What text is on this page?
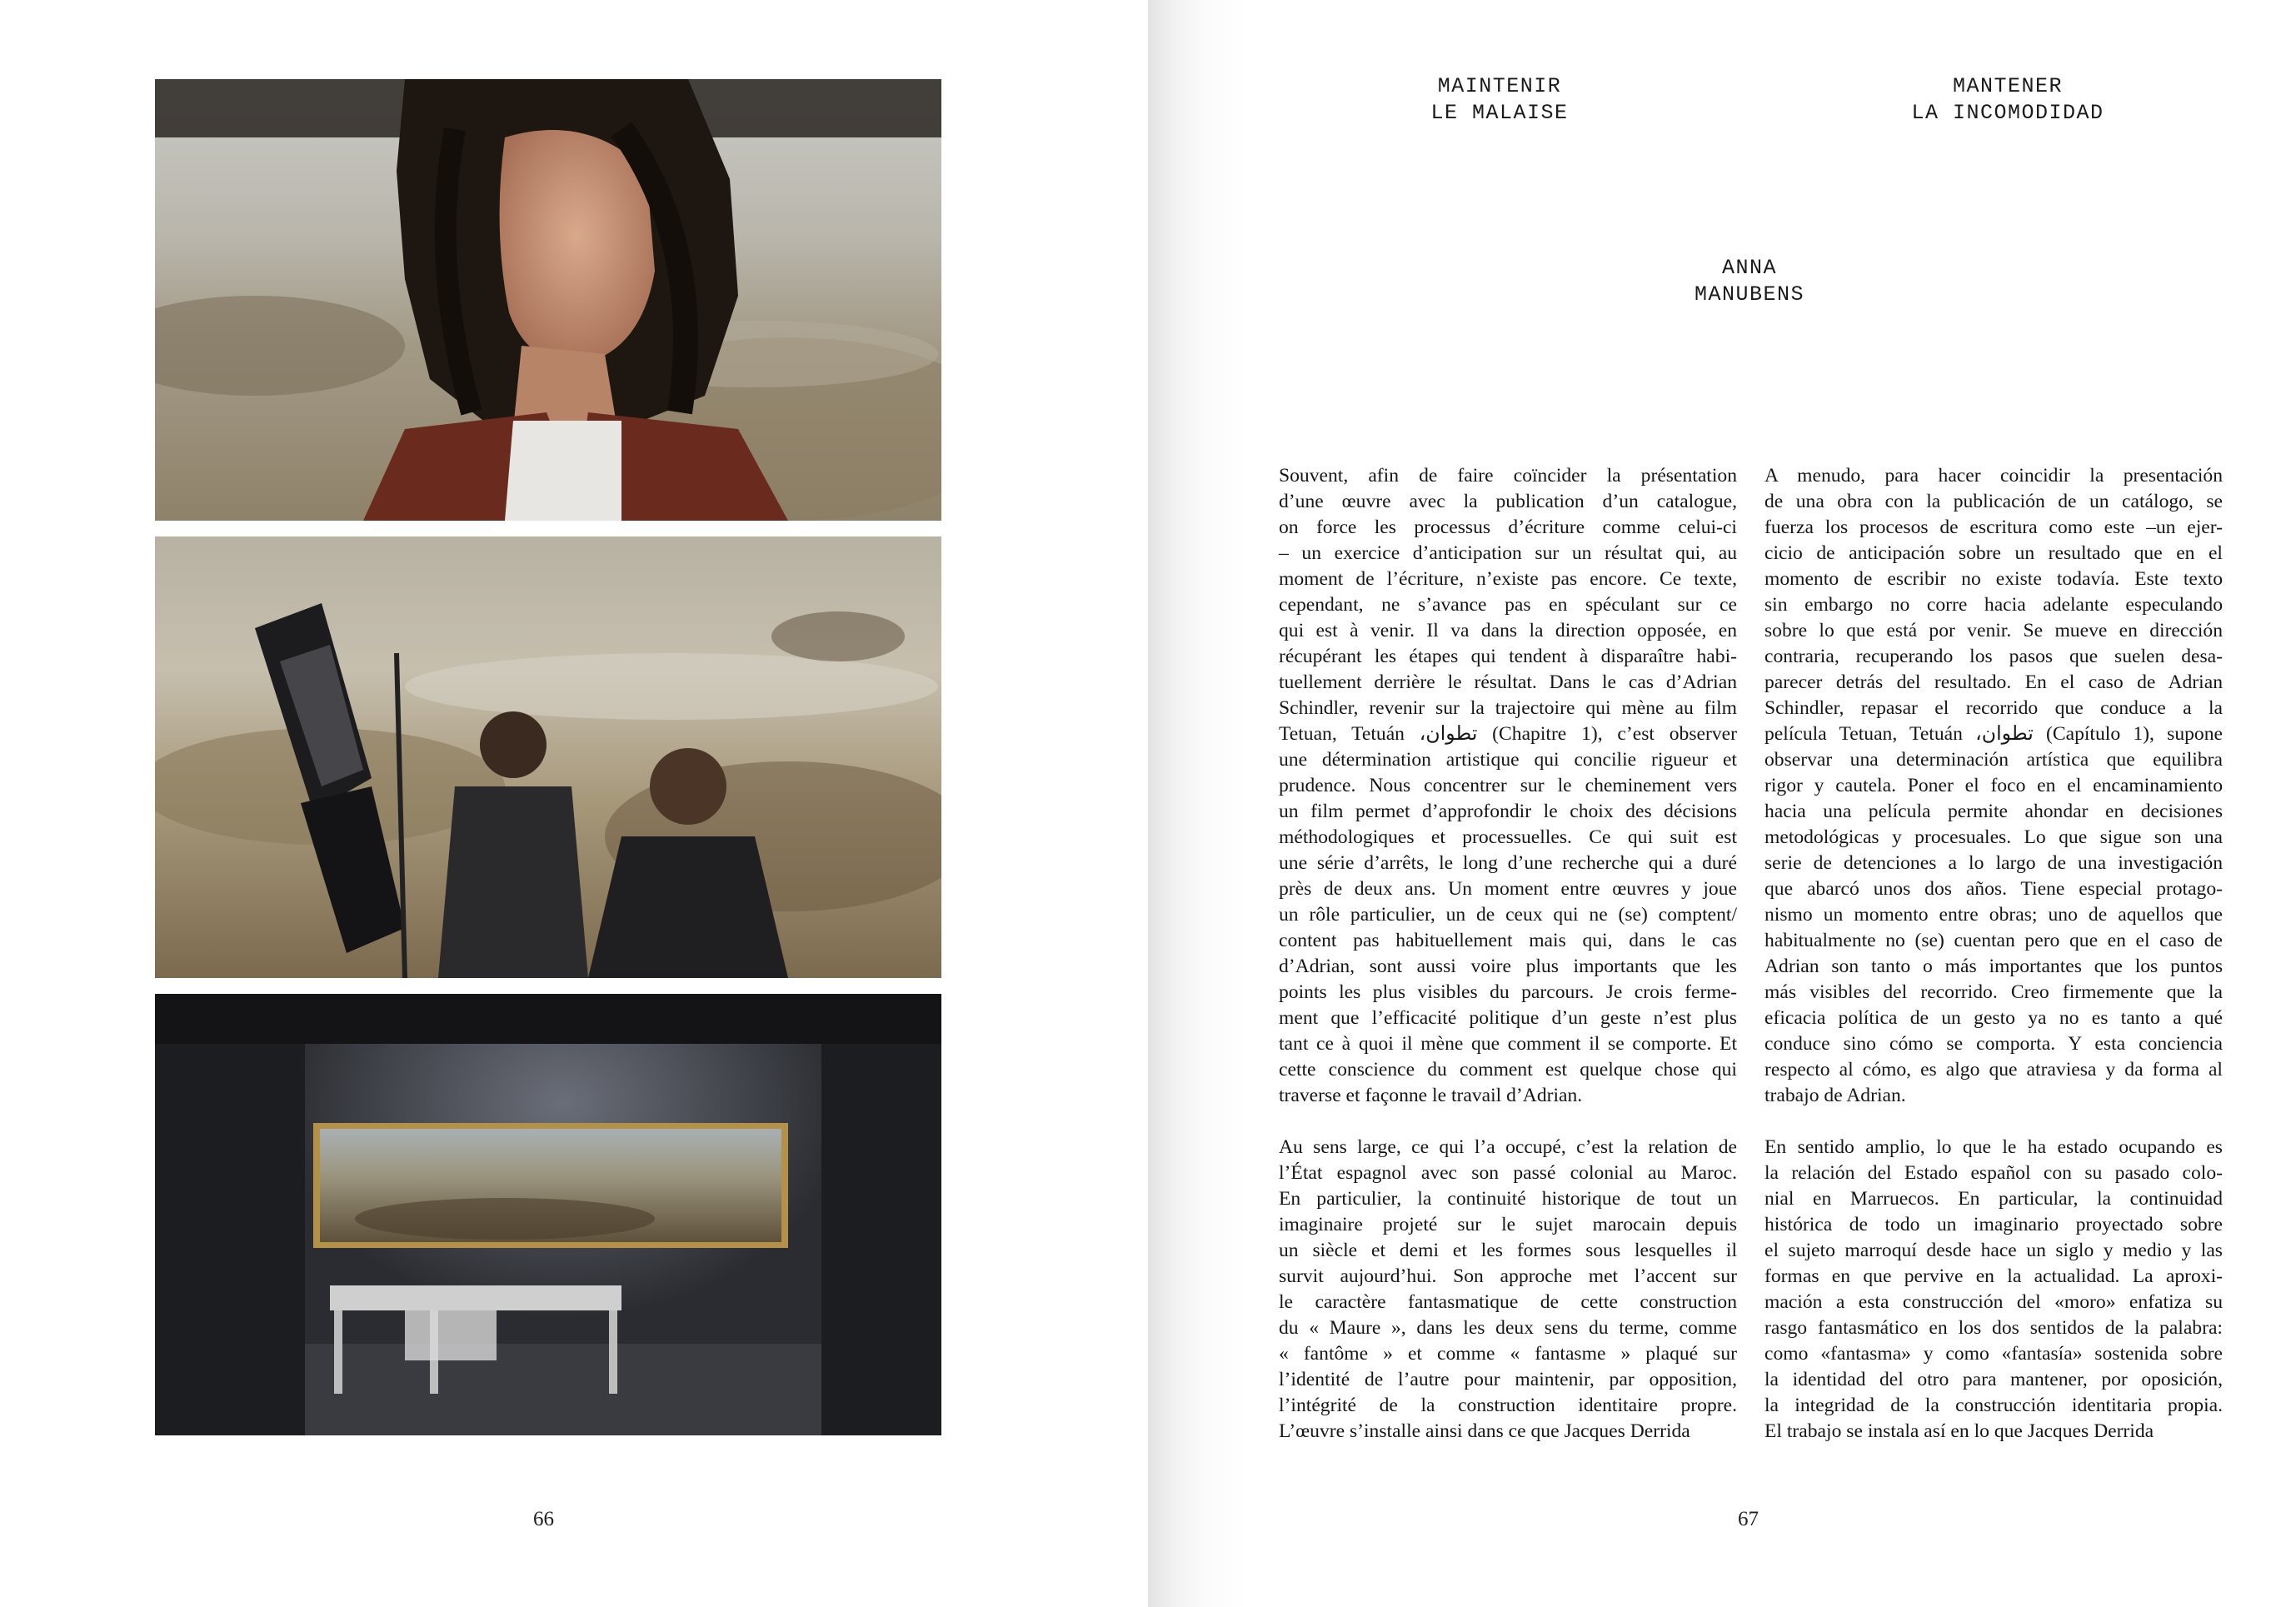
66
MAINTENIR
LE MALAISE
MANTENER
LA INCOMODIDAD
ANNA
MANUBENS

Souvent, afin de faire coïncider la présentation
d’une œuvre avec la publication d’un catalogue,
on force les processus d’écriture comme celui-ci
– un exercice d’anticipation sur un résultat qui, au
moment de l’écriture, n’existe pas encore. Ce texte,
cependant, ne s’avance pas en spéculant sur ce
qui est à venir. Il va dans la direction opposée, en
récupérant les étapes qui tendent à disparaître habi-
tuellement derrière le résultat. Dans le cas d’Adrian
Schindler, revenir sur la trajectoire qui mène au film
Tetuan, Tetuán ،تطوان (Chapitre 1), c’est observer
une détermination artistique qui concilie rigueur et
prudence. Nous concentrer sur le cheminement vers
un film permet d’approfondir le choix des décisions
méthodologiques et processuelles. Ce qui suit est
une série d’arrêts, le long d’une recherche qui a duré
près de deux ans. Un moment entre œuvres y joue
un rôle particulier, un de ceux qui ne (se) comptent/
content pas habituellement mais qui, dans le cas
d’Adrian, sont aussi voire plus importants que les
points les plus visibles du parcours. Je crois ferme-
ment que l’efficacité politique d’un geste n’est plus
tant ce à quoi il mène que comment il se comporte. Et
cette conscience du comment est quelque chose qui
traverse et façonne le travail d’Adrian.

Au sens large, ce qui l’a occupé, c’est la relation de
l’État espagnol avec son passé colonial au Maroc.
En particulier, la continuité historique de tout un
imaginaire projeté sur le sujet marocain depuis
un siècle et demi et les formes sous lesquelles il
survit aujourd’hui. Son approche met l’accent sur
le caractère fantasmatique de cette construction
du « Maure », dans les deux sens du terme, comme
« fantôme » et comme « fantasme » plaqué sur
l’identité de l’autre pour maintenir, par opposition,
l’intégrité de la construction identitaire propre.
L’œuvre s’installe ainsi dans ce que Jacques Derrida

A menudo, para hacer coincidir la presentación
de una obra con la publicación de un catálogo, se
fuerza los procesos de escritura como este –un ejer-
cicio de anticipación sobre un resultado que en el
momento de escribir no existe todavía. Este texto
sin embargo no corre hacia adelante especulando
sobre lo que está por venir. Se mueve en dirección
contraria, recuperando los pasos que suelen desa-
parecer detrás del resultado. En el caso de Adrian
Schindler, repasar el recorrido que conduce a la
película Tetuan, Tetuán ،تطوان (Capítulo 1), supone
observar una determinación artística que equilibra
rigor y cautela. Poner el foco en el encaminamiento
hacia una película permite ahondar en decisiones
metodológicas y procesuales. Lo que sigue son una
serie de detenciones a lo largo de una investigación
que abarcó unos dos años. Tiene especial protago-
nismo un momento entre obras; uno de aquellos que
habitualmente no (se) cuentan pero que en el caso de
Adrian son tanto o más importantes que los puntos
más visibles del recorrido. Creo firmemente que la
eficacia política de un gesto ya no es tanto a qué
conduce sino cómo se comporta. Y esta conciencia
respecto al cómo, es algo que atraviesa y da forma al
trabajo de Adrian.

En sentido amplio, lo que le ha estado ocupando es
la relación del Estado español con su pasado colo-
nial en Marruecos. En particular, la continuidad
histórica de todo un imaginario proyectado sobre
el sujeto marroquí desde hace un siglo y medio y las
formas en que pervive en la actualidad. La aproxi-
mación a esta construcción del «moro» enfatiza su
rasgo fantasmático en los dos sentidos de la palabra:
como «fantasma» y como «fantasía» sostenida sobre
la identidad del otro para mantener, por oposición,
la integridad de la construcción identitaria propia.
El trabajo se instala así en lo que Jacques Derrida

67
